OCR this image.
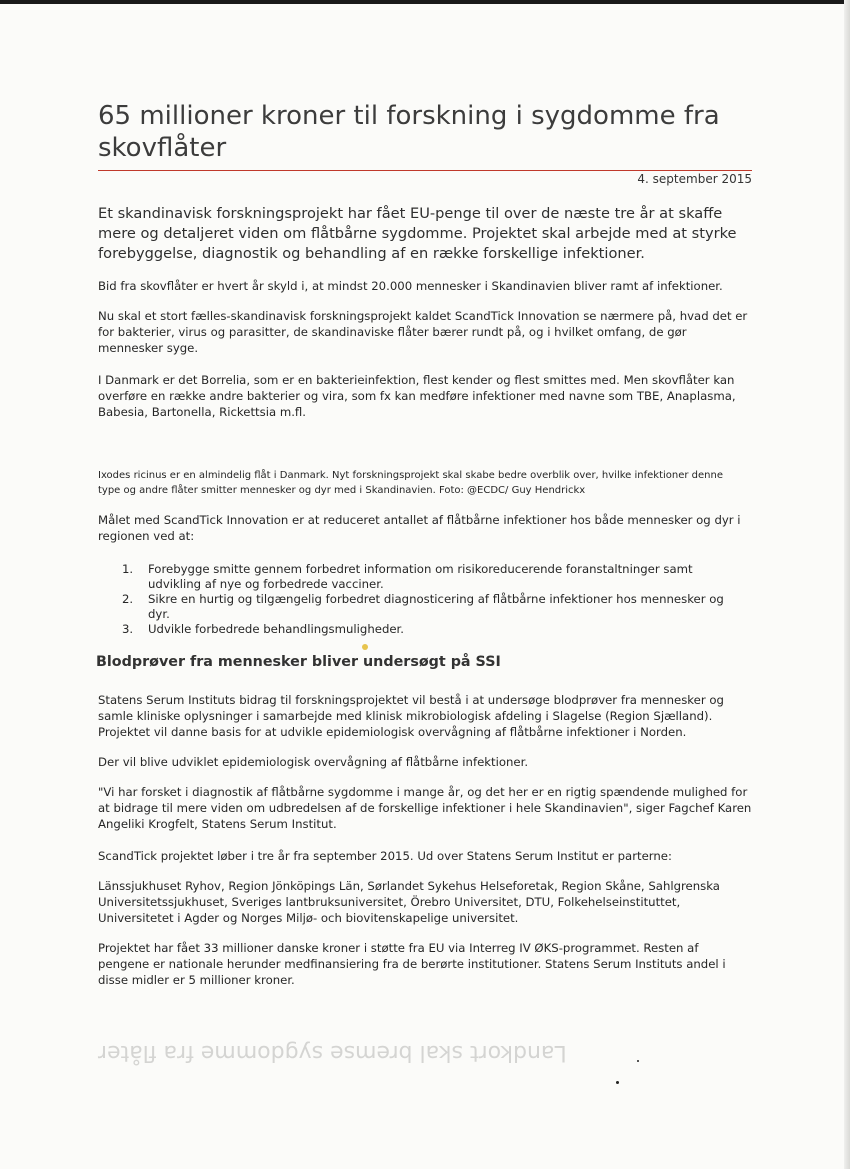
65 millioner kroner til forskning i sygdomme fra skovflåter
4. september 2015

Et skandinavisk forskningsprojekt har fået EU-penge til over de næste tre år at skaffe mere og detaljeret viden om flåtbårne sygdomme. Projektet skal arbejde med at styrke forebyggelse, diagnostik og behandling af en række forskellige infektioner.

Bid fra skovflåter er hvert år skyld i, at mindst 20.000 mennesker i Skandinavien bliver ramt af infektioner.

Nu skal et stort fælles-skandinavisk forskningsprojekt kaldet ScandTick Innovation se nærmere på, hvad det er for bakterier, virus og parasitter, de skandinaviske flåter bærer rundt på, og i hvilket omfang, de gør mennesker syge.

I Danmark er det Borrelia, som er en bakterieinfektion, flest kender og flest smittes med. Men skovflåter kan overføre en række andre bakterier og vira, som fx kan medføre infektioner med navne som TBE, Anaplasma, Babesia, Bartonella, Rickettsia m.fl.

Ixodes ricinus er en almindelig flåt i Danmark. Nyt forskningsprojekt skal skabe bedre overblik over, hvilke infektioner denne type og andre flåter smitter mennesker og dyr med i Skandinavien. Foto: @ECDC/ Guy Hendrickx

Målet med ScandTick Innovation er at reduceret antallet af flåtbårne infektioner hos både mennesker og dyr i regionen ved at:

1. Forebygge smitte gennem forbedret information om risikoreducerende foranstaltninger samt udvikling af nye og forbedrede vacciner.
2. Sikre en hurtig og tilgængelig forbedret diagnosticering af flåtbårne infektioner hos mennesker og dyr.
3. Udvikle forbedrede behandlingsmuligheder.
Blodprøver fra mennesker bliver undersøgt på SSI

Statens Serum Instituts bidrag til forskningsprojektet vil bestå i at undersøge blodprøver fra mennesker og samle kliniske oplysninger i samarbejde med klinisk mikrobiologisk afdeling i Slagelse (Region Sjælland). Projektet vil danne basis for at udvikle epidemiologisk overvågning af flåtbårne infektioner i Norden.

Der vil blive udviklet epidemiologisk overvågning af flåtbårne infektioner.

"Vi har forsket i diagnostik af flåtbårne sygdomme i mange år, og det her er en rigtig spændende mulighed for at bidrage til mere viden om udbredelsen af de forskellige infektioner i hele Skandinavien", siger Fagchef Karen Angeliki Krogfelt, Statens Serum Institut.

ScandTick projektet løber i tre år fra september 2015. Ud over Statens Serum Institut er parterne:

Länssjukhuset Ryhov, Region Jönköpings Län, Sørlandet Sykehus Helseforetak, Region Skåne, Sahlgrenska Universitetssjukhuset, Sveriges lantbruksuniversitet, Örebro Universitet, DTU, Folkehelseinstituttet, Universitetet i Agder og Norges Miljø- och biovitenskapelige universitet.

Projektet har fået 33 millioner danske kroner i støtte fra EU via Interreg IV ØKS-programmet. Resten af pengene er nationale herunder medfinansiering fra de berørte institutioner. Statens Serum Instituts andel i disse midler er 5 millioner kroner.

Landkort skal bremse sygdomme fra flåter
